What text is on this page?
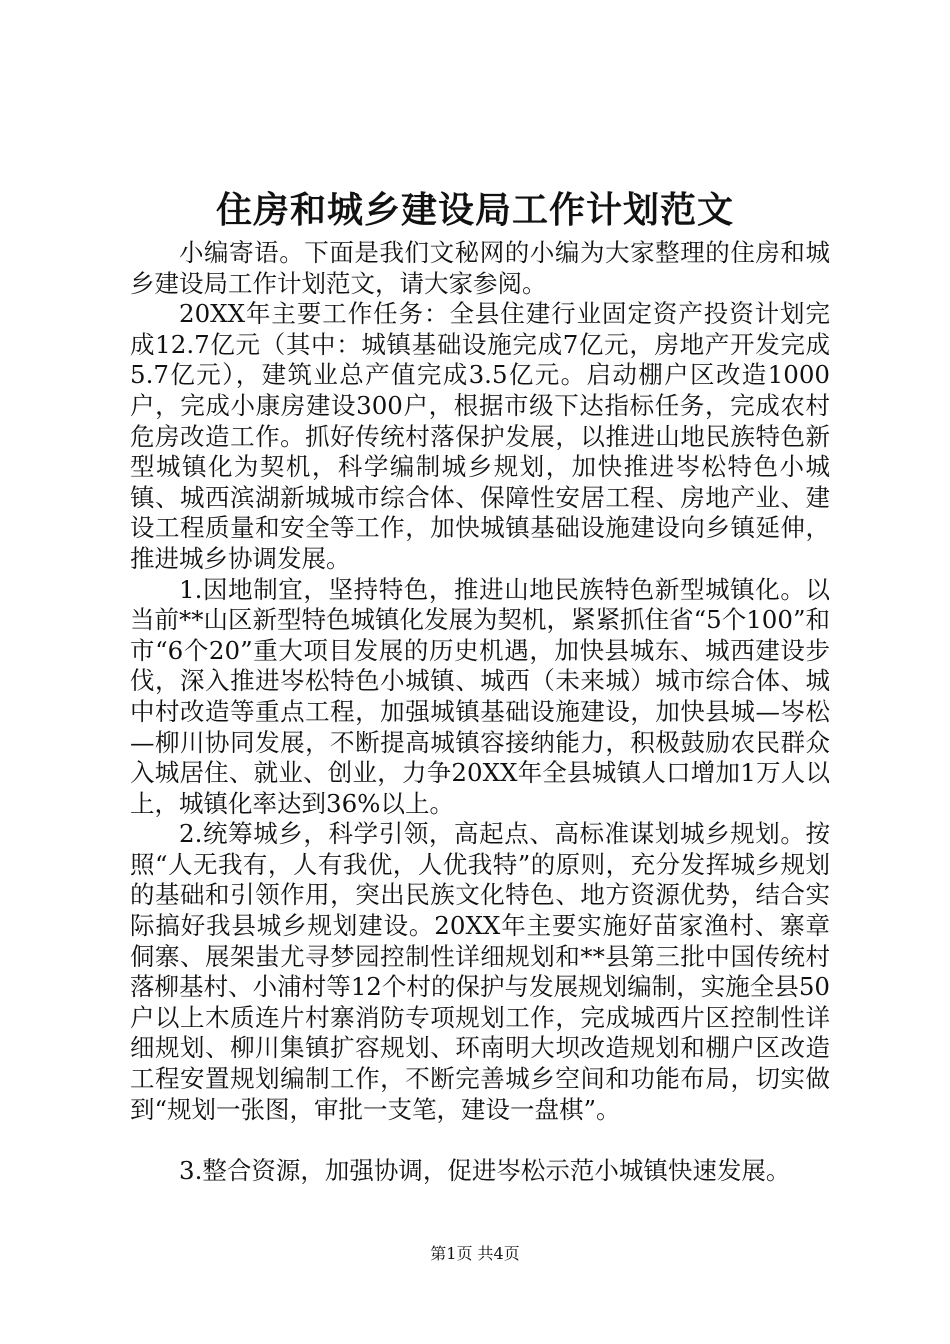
住房和城乡建设局工作计划范文

小编寄语。下面是我们文秘网的小编为大家整理的住房和城乡建设局工作计划范文，请大家参阅。

20XX年主要工作任务：全县住建行业固定资产投资计划完成12.7亿元（其中：城镇基础设施完成7亿元，房地产开发完成5.7亿元），建筑业总产值完成3.5亿元。启动棚户区改造1000户，完成小康房建设300户，根据市级下达指标任务，完成农村危房改造工作。抓好传统村落保护发展，以推进山地民族特色新型城镇化为契机，科学编制城乡规划，加快推进岑松特色小城镇、城西滨湖新城城市综合体、保障性安居工程、房地产业、建设工程质量和安全等工作，加快城镇基础设施建设向乡镇延伸，推进城乡协调发展。

1.因地制宜，坚持特色，推进山地民族特色新型城镇化。以当前**山区新型特色城镇化发展为契机，紧紧抓住省“5个100”和市“6个20”重大项目发展的历史机遇，加快县城东、城西建设步伐，深入推进岑松特色小城镇、城西（未来城）城市综合体、城中村改造等重点工程，加强城镇基础设施建设，加快县城—岑松—柳川协同发展，不断提高城镇容接纳能力，积极鼓励农民群众入城居住、就业、创业，力争20XX年全县城镇人口增加1万人以上，城镇化率达到36%以上。

2.统筹城乡，科学引领，高起点、高标准谋划城乡规划。按照“人无我有，人有我优，人优我特”的原则，充分发挥城乡规划的基础和引领作用，突出民族文化特色、地方资源优势，结合实际搞好我县城乡规划建设。20XX年主要实施好苗家渔村、寨章侗寨、展架蚩尤寻梦园控制性详细规划和**县第三批中国传统村落柳基村、小浦村等12个村的保护与发展规划编制，实施全县50户以上木质连片村寨消防专项规划工作，完成城西片区控制性详细规划、柳川集镇扩容规划、环南明大坝改造规划和棚户区改造工程安置规划编制工作，不断完善城乡空间和功能布局，切实做到“规划一张图，审批一支笔，建设一盘棋”。

3.整合资源，加强协调，促进岑松示范小城镇快速发展。

第1页 共4页
